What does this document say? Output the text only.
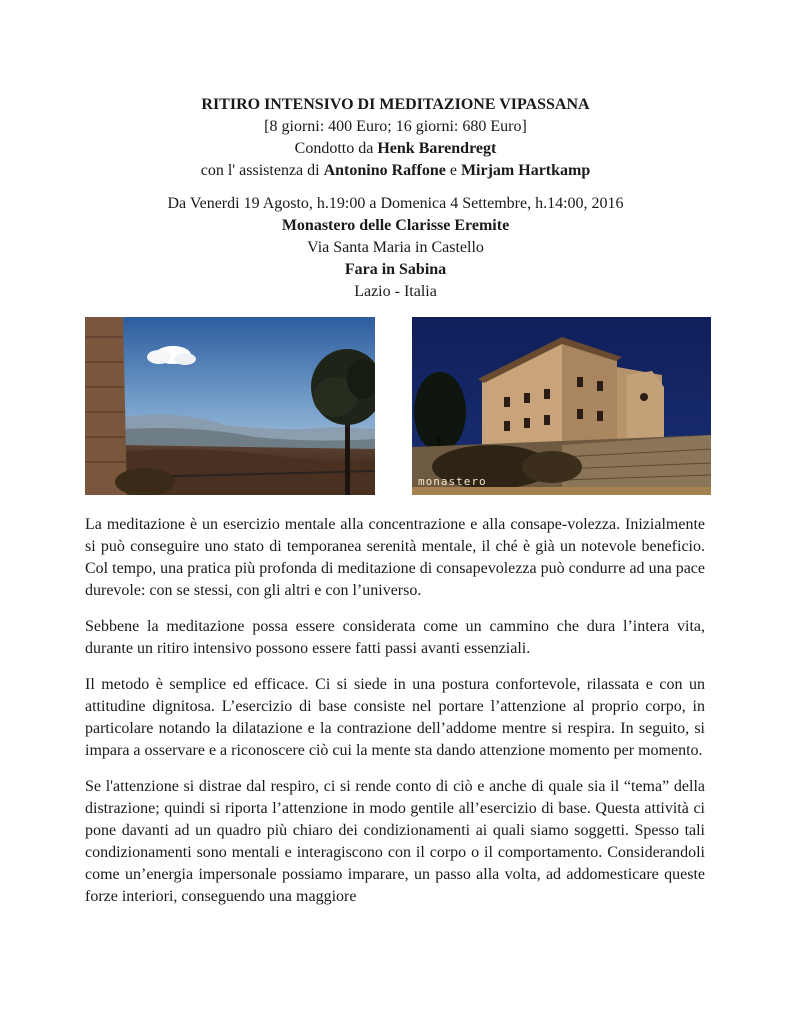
RITIRO INTENSIVO DI MEDITAZIONE VIPASSANA
[8 giorni: 400 Euro; 16 giorni: 680 Euro]
Condotto da Henk Barendregt
con l' assistenza di Antonino Raffone e Mirjam Hartkamp
Da Venerdi 19 Agosto, h.19:00 a Domenica 4 Settembre, h.14:00, 2016
Monastero delle Clarisse Eremite
Via Santa Maria in Castello
Fara in Sabina
Lazio - Italia
monastero

La meditazione è un esercizio mentale alla concentrazione e alla consape-volezza. Inizialmente si può conseguire uno stato di temporanea serenità mentale, il ché è già un notevole beneficio. Col tempo, una pratica più profonda di meditazione di consapevolezza può condurre ad una pace durevole: con se stessi, con gli altri e con l’universo.

Sebbene la meditazione possa essere considerata come un cammino che dura l’intera vita, durante un ritiro intensivo possono essere fatti passi avanti essenziali.

Il metodo è semplice ed efficace. Ci si siede in una postura confortevole, rilassata e con un attitudine dignitosa. L’esercizio di base consiste nel portare l’attenzione al proprio corpo, in particolare notando la dilatazione e la contrazione dell’addome mentre si respira. In seguito, si impara a osservare e a riconoscere ciò cui la mente sta dando attenzione momento per momento.

Se l'attenzione si distrae dal respiro, ci si rende conto di ciò e anche di quale sia il “tema” della distrazione; quindi si riporta l’attenzione in modo gentile all’esercizio di base. Questa attività ci pone davanti ad un quadro più chiaro dei condizionamenti ai quali siamo soggetti. Spesso tali condizionamenti sono mentali e interagiscono con il corpo o il comportamento. Considerandoli come un’energia impersonale possiamo imparare, un passo alla volta, ad addomesticare queste forze interiori, conseguendo una maggiore
